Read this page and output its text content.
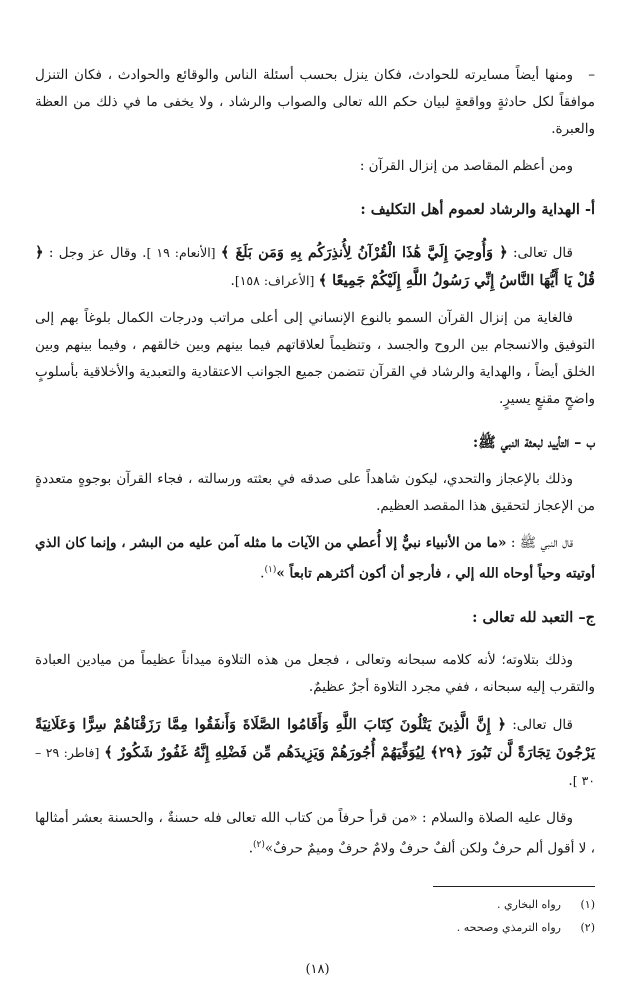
–ومنها أيضاً مسايرته للحوادث، فكان ينزل بحسب أسئلة الناس والوقائع والحوادث ، فكان التنزل موافقاً لكل حادثةٍ وواقعةٍ لبيان حكم الله تعالى والصواب والرشاد ، ولا يخفى ما في ذلك من العظة والعبرة.

ومن أعظم المقاصد من إنزال القرآن :

أ- الهداية والرشاد لعموم أهل التكليف :

قال تعالى: ﴿ وَأُوحِيَ إِلَيَّ هَٰذَا الْقُرْآنُ لِأُنذِرَكُم بِهِ وَمَن بَلَغَ ﴾ [الأنعام: ١٩ ]. وقال عز وجل : ﴿ قُلْ يَا أَيُّهَا النَّاسُ إِنِّي رَسُولُ اللَّهِ إِلَيْكُمْ جَمِيعًا ﴾ [الأعراف: ١٥٨].

فالغاية من إنزال القرآن السمو بالنوع الإنساني إلى أعلى مراتب ودرجات الكمال بلوغاً بهم إلى التوفيق والانسجام بين الروح والجسد ، وتنظيماً لعلاقاتهم فيما بينهم وبين خالقهم ، وفيما بينهم وبين الخلق أيضاً ، والهداية والرشاد في القرآن تتضمن جميع الجوانب الاعتقادية والتعبدية والأخلاقية بأسلوبٍ واضحٍ مقنعٍ يسيرٍ.

ب – التأييد لبعثة النبي ﷺ:

وذلك بالإعجاز والتحدي، ليكون شاهداً على صدقه في بعثته ورسالته ، فجاء القرآن بوجوهٍ متعددةٍ من الإعجاز لتحقيق هذا المقصد العظيم.

قال النبي ﷺ : «ما من الأنبياء نبيٌّ إلا أُعطي من الآيات ما مثله آمن عليه من البشر ، وإنما كان الذي أوتيته وحياً أوحاه الله إلي ، فأرجو أن أكون أكثرهم تابعاً »$^{(١)}$.

ج– التعبد لله تعالى :

وذلك بتلاوته؛ لأنه كلامه سبحانه وتعالى ، فجعل من هذه التلاوة ميداناً عظيماً من ميادين العبادة والتقرب إليه سبحانه ، ففي مجرد التلاوة أجرٌ عظيمٌ.

قال تعالى: ﴿ إِنَّ الَّذِينَ يَتْلُونَ كِتَابَ اللَّهِ وَأَقَامُوا الصَّلَاةَ وَأَنفَقُوا مِمَّا رَزَقْنَاهُمْ سِرًّا وَعَلَانِيَةً يَرْجُونَ تِجَارَةً لَّن تَبُورَ ﴿٢٩﴾ لِيُوَفِّيَهُمْ أُجُورَهُمْ وَيَزِيدَهُم مِّن فَضْلِهِ إِنَّهُ غَفُورٌ شَكُورٌ ﴾ [فاطر: ٢٩ – ٣٠ ].

وقال عليه الصلاة والسلام : «من قرأ حرفاً من كتاب الله تعالى فله حسنةٌ ، والحسنة بعشر أمثالها ، لا أقول ألم حرفٌ ولكن ألفٌ حرفٌ ولامٌ حرفٌ وميمٌ حرفٌ»$^{(٢)}$.

(١)رواه البخاري .
(٢)رواه الترمذي وصححه .
(١٨)
